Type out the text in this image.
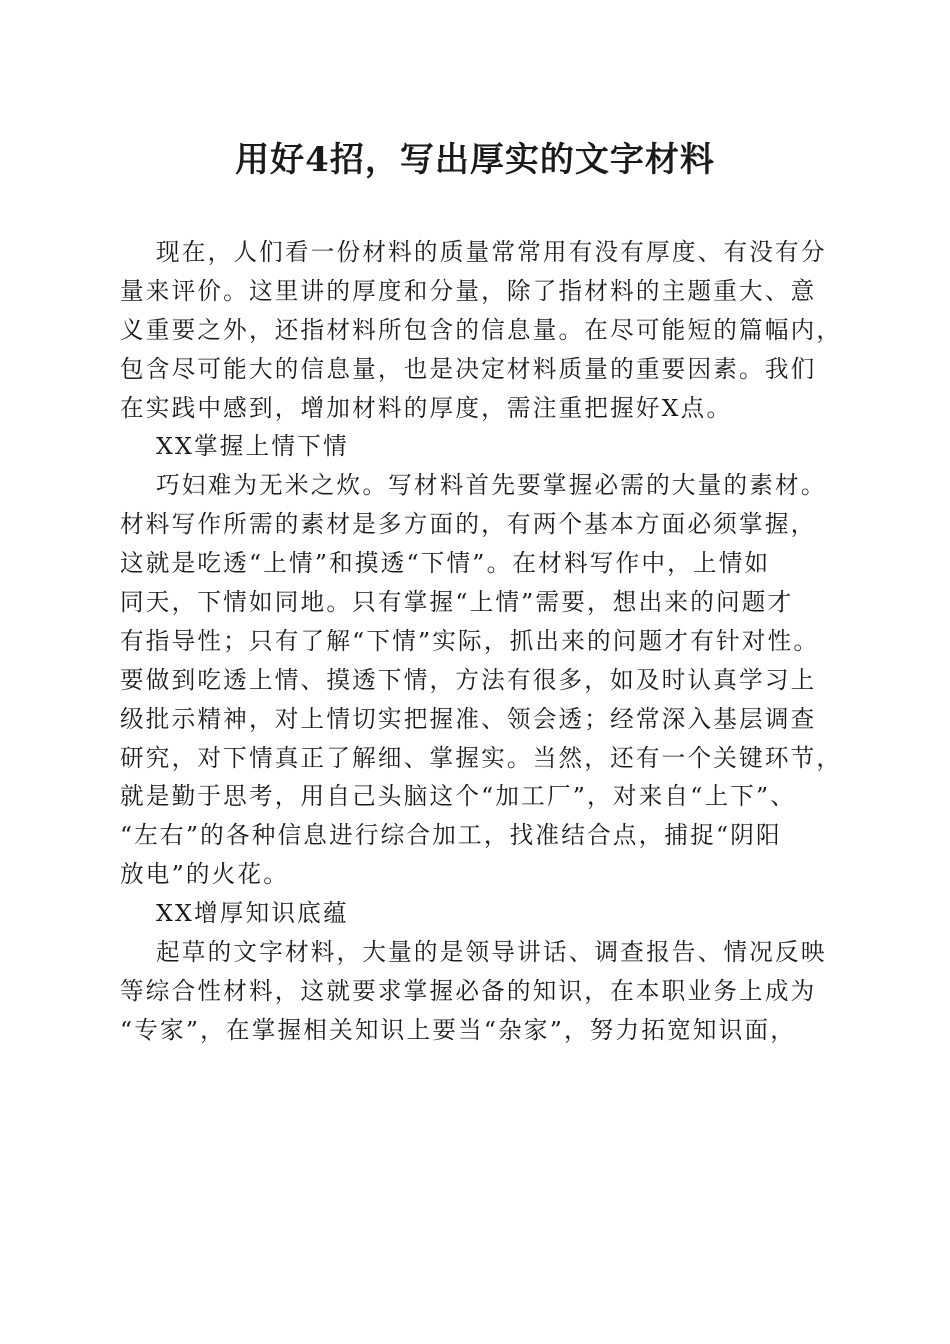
用好4招，写出厚实的文字材料
现在，人们看一份材料的质量常常用有没有厚度、有没有分
量来评价。这里讲的厚度和分量，除了指材料的主题重大、意
义重要之外，还指材料所包含的信息量。在尽可能短的篇幅内，
包含尽可能大的信息量，也是决定材料质量的重要因素。我们
在实践中感到，增加材料的厚度，需注重把握好X点。
XX掌握上情下情
巧妇难为无米之炊。写材料首先要掌握必需的大量的素材。
材料写作所需的素材是多方面的，有两个基本方面必须掌握，
这就是吃透“上情”和摸透“下情”。在材料写作中，上情如
同天，下情如同地。只有掌握“上情”需要，想出来的问题才
有指导性；只有了解“下情”实际，抓出来的问题才有针对性。
要做到吃透上情、摸透下情，方法有很多，如及时认真学习上
级批示精神，对上情切实把握准、领会透；经常深入基层调查
研究，对下情真正了解细、掌握实。当然，还有一个关键环节，
就是勤于思考，用自己头脑这个“加工厂”，对来自“上下”、
“左右”的各种信息进行综合加工，找准结合点，捕捉“阴阳
放电”的火花。
XX增厚知识底蕴
起草的文字材料，大量的是领导讲话、调查报告、情况反映
等综合性材料，这就要求掌握必备的知识，在本职业务上成为
“专家”，在掌握相关知识上要当“杂家”，努力拓宽知识面，
